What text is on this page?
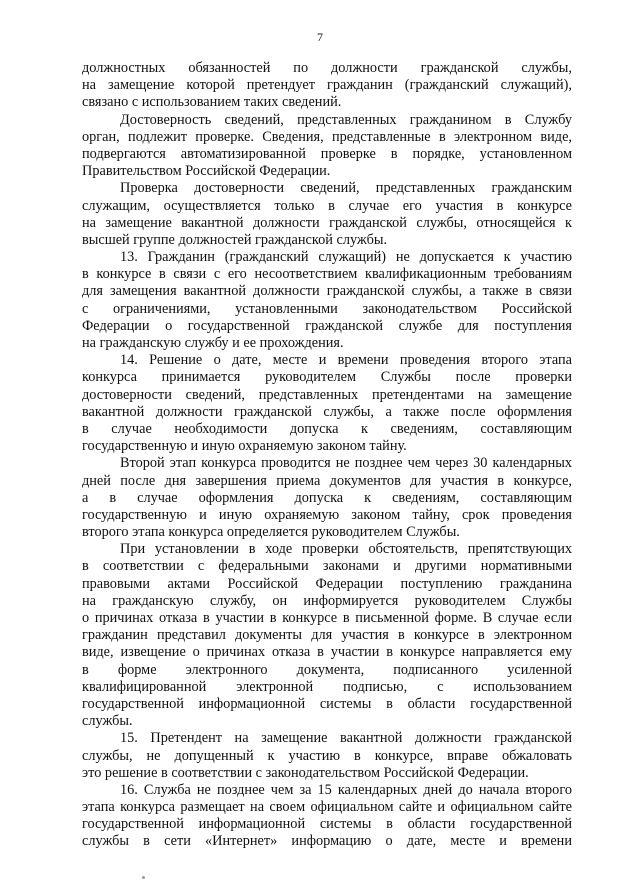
7
должностных обязанностей по должности гражданской службы,
на замещение которой претендует гражданин (гражданский служащий),
связано с использованием таких сведений.
Достоверность сведений, представленных гражданином в Службу
орган, подлежит проверке. Сведения, представленные в электронном виде,
подвергаются автоматизированной проверке в порядке, установленном
Правительством Российской Федерации.
Проверка достоверности сведений, представленных гражданским
служащим, осуществляется только в случае его участия в конкурсе
на замещение вакантной должности гражданской службы, относящейся к
высшей группе должностей гражданской службы.
13. Гражданин (гражданский служащий) не допускается к участию
в конкурсе в связи с его несоответствием квалификационным требованиям
для замещения вакантной должности гражданской службы, а также в связи
с ограничениями, установленными законодательством Российской
Федерации о государственной гражданской службе для поступления
на гражданскую службу и ее прохождения.
14. Решение о дате, месте и времени проведения второго этапа
конкурса принимается руководителем Службы после проверки
достоверности сведений, представленных претендентами на замещение
вакантной должности гражданской службы, а также после оформления
в случае необходимости допуска к сведениям, составляющим
государственную и иную охраняемую законом тайну.
Второй этап конкурса проводится не позднее чем через 30 календарных
дней после дня завершения приема документов для участия в конкурсе,
а в случае оформления допуска к сведениям, составляющим
государственную и иную охраняемую законом тайну, срок проведения
второго этапа конкурса определяется руководителем Службы.
При установлении в ходе проверки обстоятельств, препятствующих
в соответствии с федеральными законами и другими нормативными
правовыми актами Российской Федерации поступлению гражданина
на гражданскую службу, он информируется руководителем Службы
о причинах отказа в участии в конкурсе в письменной форме. В случае если
гражданин представил документы для участия в конкурсе в электронном
виде, извещение о причинах отказа в участии в конкурсе направляется ему
в форме электронного документа, подписанного усиленной
квалифицированной электронной подписью, с использованием
государственной информационной системы в области государственной
службы.
15. Претендент на замещение вакантной должности гражданской
службы, не допущенный к участию в конкурсе, вправе обжаловать
это решение в соответствии с законодательством Российской Федерации.
16. Служба не позднее чем за 15 календарных дней до начала второго
этапа конкурса размещает на своем официальном сайте и официальном сайте
государственной информационной системы в области государственной
службы в сети «Интернет» информацию о дате, месте и времени
